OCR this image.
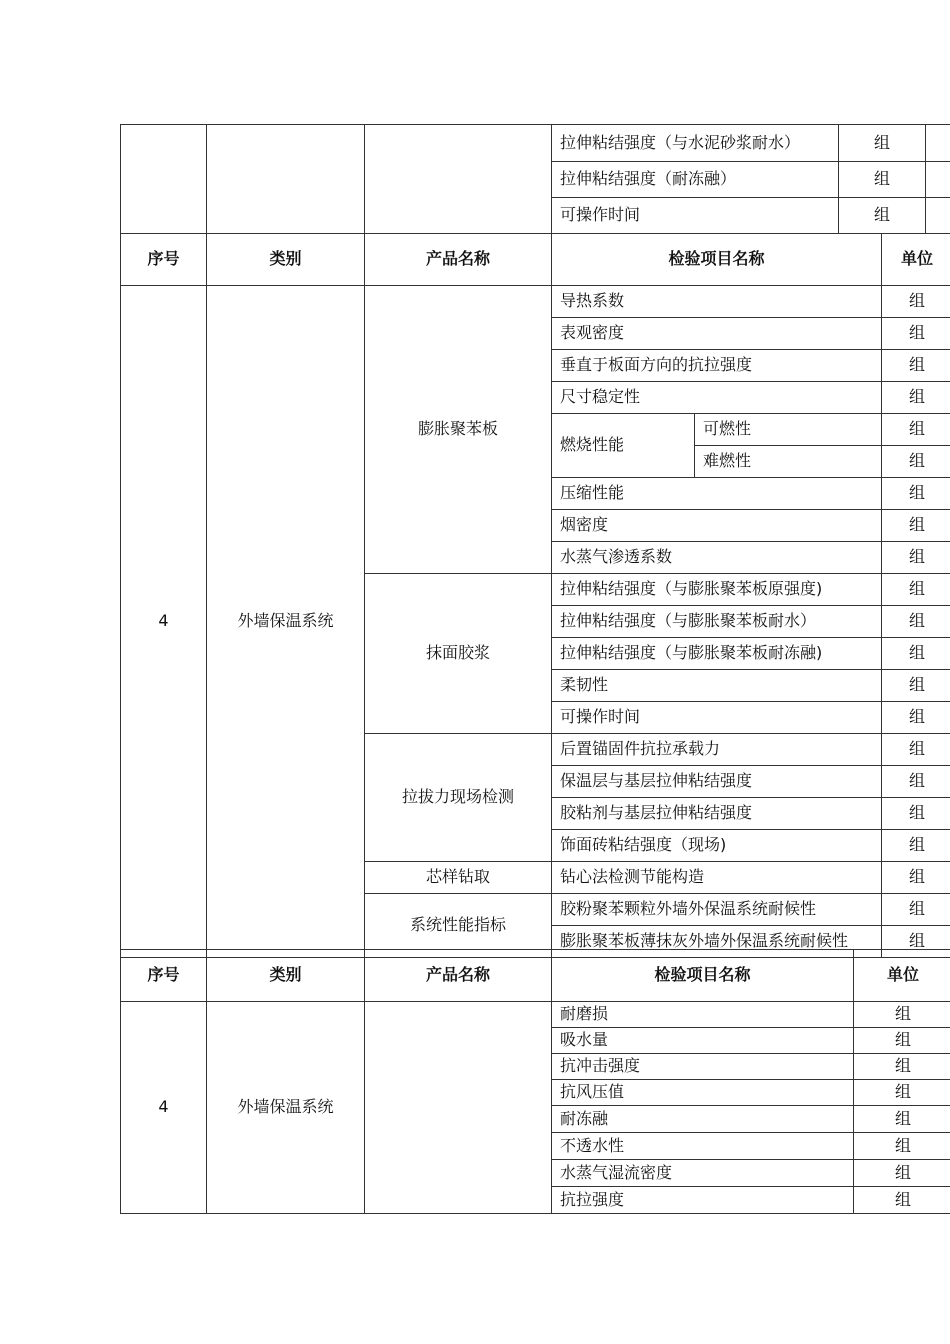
			拉伸粘结强度（与水泥砂浆耐水）	组	
			拉伸粘结强度（耐冻融）	组	
			可操作时间	组	
序号	类别	产品名称	检验项目名称		单位
4	外墙保温系统	膨胀聚苯板	导热系数		组
			表观密度		组
			垂直于板面方向的抗拉强度		组
			尺寸稳定性		组
			燃烧性能	可燃性	组
				难燃性	组
			压缩性能		组
			烟密度		组
			水蒸气渗透系数		组
		抹面胶浆	拉伸粘结强度（与膨胀聚苯板原强度)		组
			拉伸粘结强度（与膨胀聚苯板耐水）		组
			拉伸粘结强度（与膨胀聚苯板耐冻融)		组
			柔韧性		组
			可操作时间		组
		拉拔力现场检测	后置锚固件抗拉承载力		组
			保温层与基层拉伸粘结强度		组
			胶粘剂与基层拉伸粘结强度		组
			饰面砖粘结强度（现场)		组
		芯样钻取	钻心法检测节能构造		组
		系统性能指标	胶粉聚苯颗粒外墙外保温系统耐候性		组
			膨胀聚苯板薄抹灰外墙外保温系统耐候性		组
序号	类别	产品名称	检验项目名称	单位
4	外墙保温系统		耐磨损	组
			吸水量	组
			抗冲击强度	组
			抗风压值	组
			耐冻融	组
			不透水性	组
			水蒸气湿流密度	组
			抗拉强度	组
